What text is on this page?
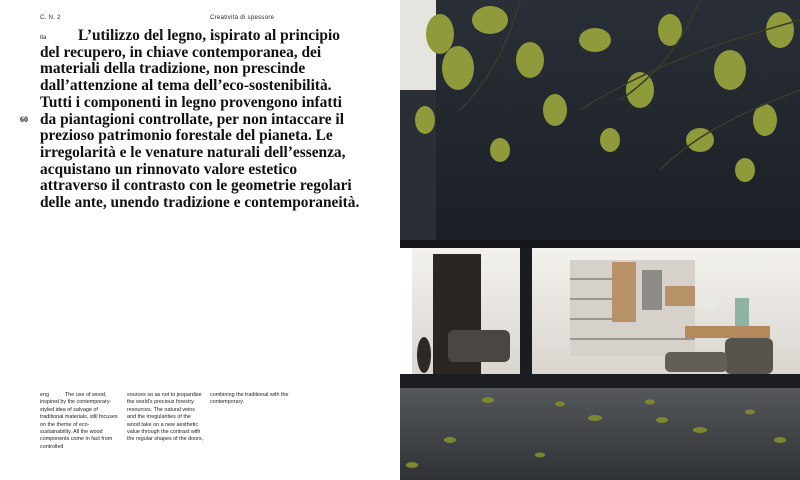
C. N. 2	Creatività di spessore
60

L’utilizzo del legno, ispirato al principio del recupero, in chiave contemporanea, dei materiali della tradizione, non prescinde dall’attenzione al tema dell’eco-sostenibilità. Tutti i componenti in legno provengono infatti da piantagioni controllate, per non intaccare il prezioso patrimonio forestale del pianeta. Le irregolarità e le venature naturali dell’essenza, acquistano un rinnovato valore estetico attraverso il contrasto con le geometrie regolari delle ante, unendo tradizione e contemporaneità.

ita

eng	The use of wood, inspired by the contemporary-styled idea of salvage of traditional materials, still focuses on the theme of eco-sustainability. All the wood components come in fact from controlled

sources so as not to jeopardise the world's precious forestry resources. The natural veins and the irregularities of the wood take on a new aesthetic value through the contrast with the regular shapes of the doors,

combining the traditional with the contemporary.
